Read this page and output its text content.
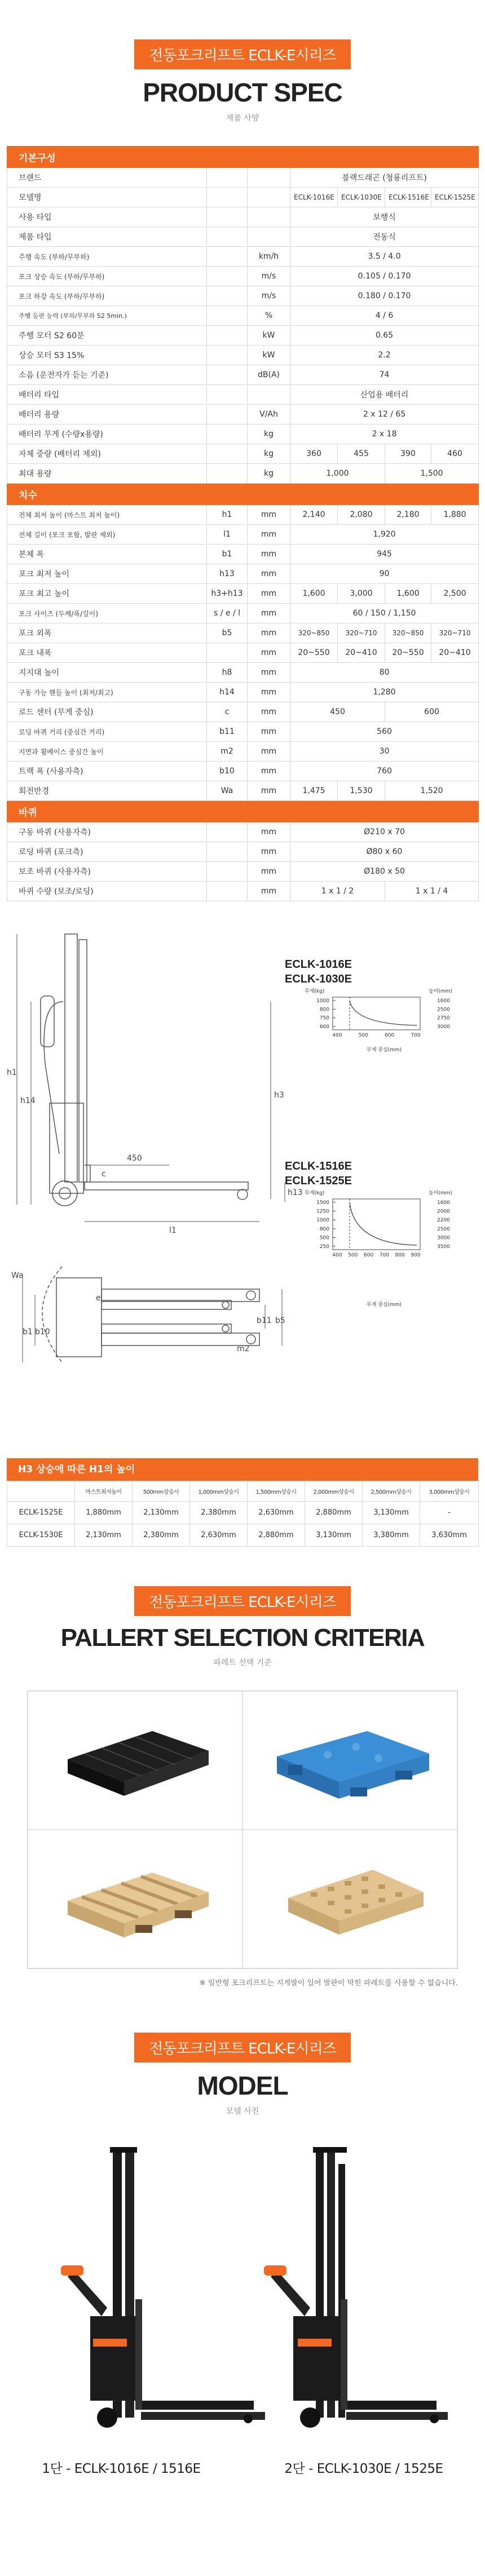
전동포크리프트 ECLK-E시리즈
PRODUCT SPEC
제품 사양
기본구성						
브랜드			블랙드래곤 (청룡리프트)			
모델명			ECLK-1016E	ECLK-1030E	ECLK-1516E	ECLK-1525E
사용 타입			보행식			
제품 타입			전동식			
주행 속도 (부하/무부하)		km/h	3.5 / 4.0			
포크 상승 속도 (부하/무부하)		m/s	0.105 / 0.170			
포크 하강 속도 (부하/무부하)		m/s	0.180 / 0.170			
주행 등판 능력 (부하/무부하 S2 5min.)		%	4 / 6			
주행 모터 S2 60분		kW	0.65			
상승 모터 S3 15%		kW	2.2			
소음 (운전자가 듣는 기준)		dB(A)	74			
배터리 타입			산업용 배터리			
배터리 용량		V/Ah	2 x 12 / 65			
배터리 무게 (수량x용량)		kg	2 x 18			
자체 중량 (배터리 제외)		kg	360	455	390	460
최대 용량		kg	1,000		1,500	
치수						
전체 최저 높이 (마스트 최저 높이)	h1	mm	2,140	2,080	2,180	1,880
전체 길이 (포크 포함, 발판 제외)	l1	mm	1,920			
본체 폭	b1	mm	945			
포크 최저 높이	h13	mm	90			
포크 최고 높이	h3+h13	mm	1,600	3,000	1,600	2,500
포크 사이즈 (두께/폭/길이)	s / e / l	mm	60 / 150 / 1,150			
포크 외폭	b5	mm	320~850	320~710	320~850	320~710
포크 내폭		mm	20~550	20~410	20~550	20~410
지지대 높이	h8	mm	80			
구동 가능 핸들 높이 (최저/최고)	h14	mm	1,280			
로드 센터 (무게 중심)	c	mm	450		600	
로딩 바퀴 거리 (중심간 거리)	b11	mm	560			
지면과 휠베이스 중심간 높이	m2	mm	30			
트랙 폭 (사용자측)	b10	mm	760			
회전반경	Wa	mm	1,475	1,530	1,520	
바퀴						
구동 바퀴 (사용자측)		mm	Ø210 x 70			
로딩 바퀴 (포크측)		mm	Ø80 x 60			
보조 바퀴 (사용자측)		mm	Ø180 x 50			
바퀴 수량 (보조/로딩)		mm	1 x 1 / 2		1 x 1 / 4	
h1
h14
h3
h13
l1
450
c
b1 b10
b11 b5
Wa
m2
e
ECLK-1016E
ECLK-1030E
무게(kg)	높이(mm)
무게 중심(mm)
1000	1600
800	2500
750	2750
600	3000
400	500	600	700
ECLK-1516E
ECLK-1525E
무게(kg)	높이(mm)
무게 중심(mm)
1500	1600
1250	2000
1000	2200
800	2500
500	3000
250	3500
400 500 600 700 800 900
H3 상승에 따른 H1의 높이
	마스트최저높이	500mm상승시	1,000mm상승시	1,500mm상승시	2,000mm상승시	2,500mm상승시	3,000mm상승시
ECLK-1525E	1,880mm	2,130mm	2,380mm	2,630mm	2,880mm	3,130mm	-
ECLK-1530E	2,130mm	2,380mm	2,630mm	2,880mm	3,130mm	3,380mm	3,630mm
전동포크리프트 ECLK-E시리즈
PALLERT SELECTION CRITERIA
파레트 선택 기준
※ 일반형 포크리프트는 지게발이 있어 발판이 막힌 파레트를 사용할 수 없습니다.
전동포크리프트 ECLK-E시리즈
MODEL
모델 사진
1단 - ECLK-1016E / 1516E	2단 - ECLK-1030E / 1525E
